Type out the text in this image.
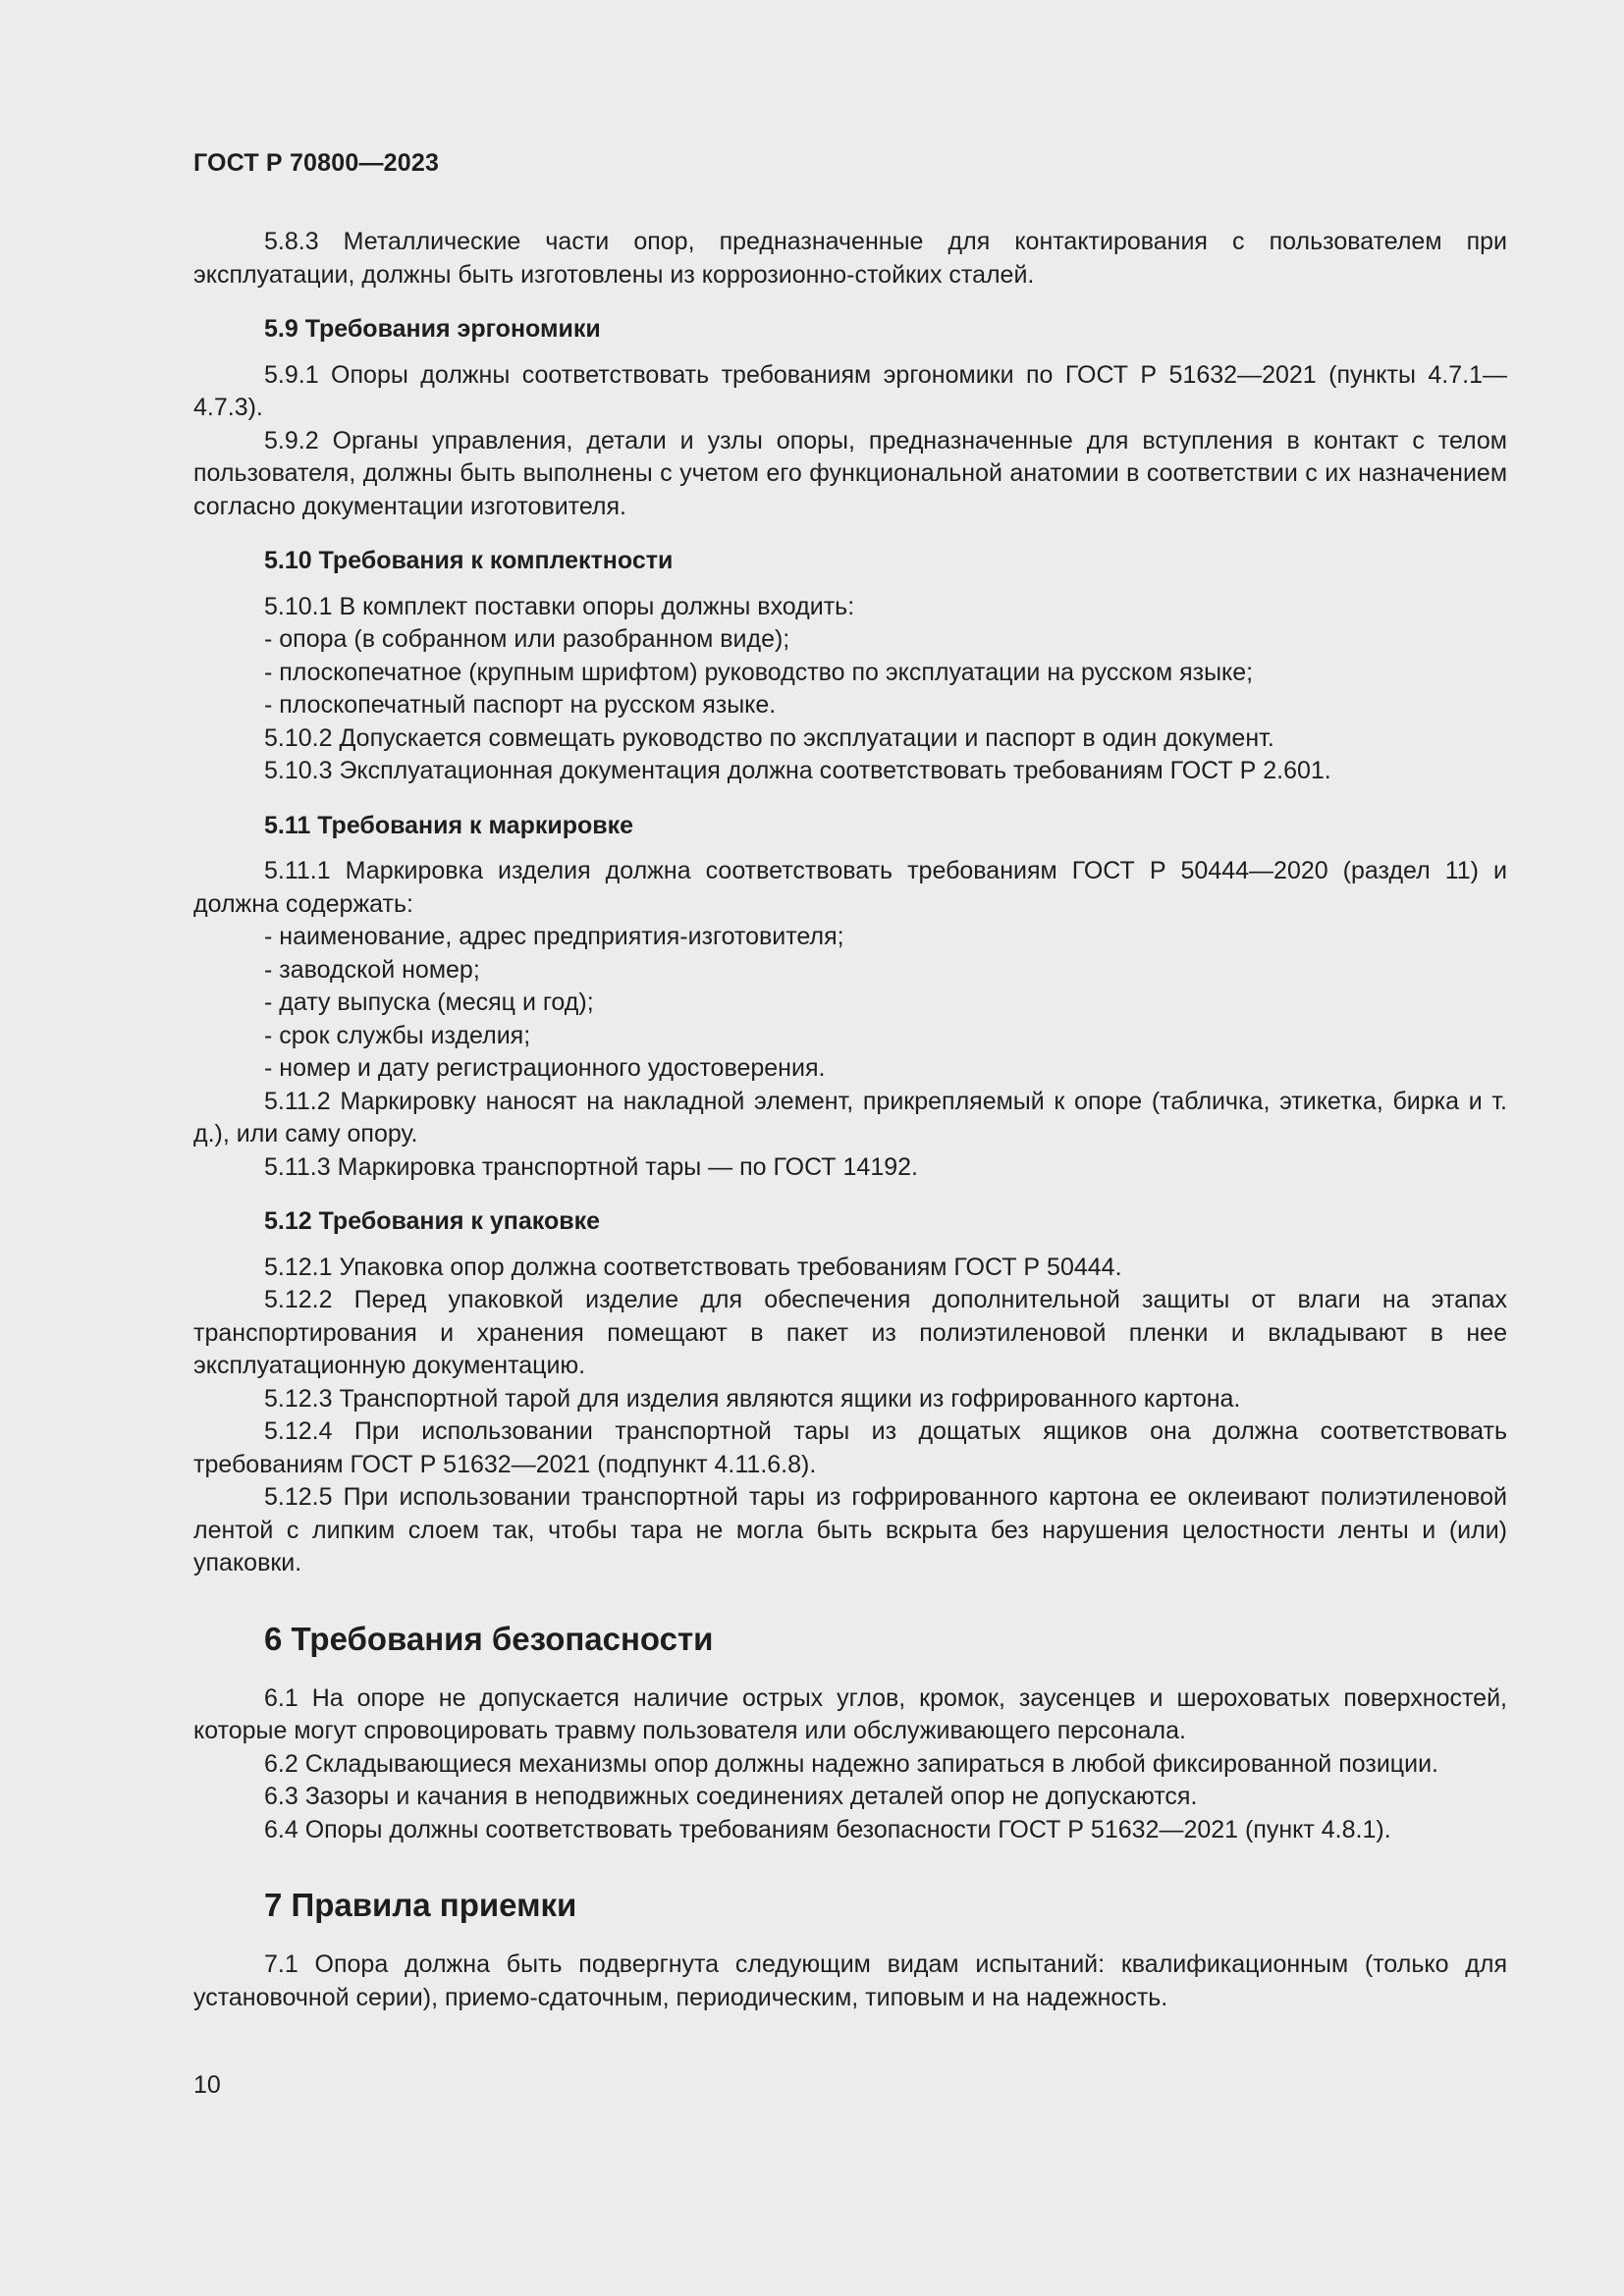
ГОСТ Р 70800—2023

5.8.3 Металлические части опор, предназначенные для контактирования с пользователем при эксплуатации, должны быть изготовлены из коррозионно-стойких сталей.

5.9 Требования эргономики

5.9.1 Опоры должны соответствовать требованиям эргономики по ГОСТ Р 51632—2021 (пункты 4.7.1—4.7.3).

5.9.2 Органы управления, детали и узлы опоры, предназначенные для вступления в контакт с телом пользователя, должны быть выполнены с учетом его функциональной анатомии в соответствии с их назначением согласно документации изготовителя.

5.10 Требования к комплектности

5.10.1 В комплект поставки опоры должны входить:

- опора (в собранном или разобранном виде);

- плоскопечатное (крупным шрифтом) руководство по эксплуатации на русском языке;

- плоскопечатный паспорт на русском языке.

5.10.2 Допускается совмещать руководство по эксплуатации и паспорт в один документ.

5.10.3 Эксплуатационная документация должна соответствовать требованиям ГОСТ Р 2.601.

5.11 Требования к маркировке

5.11.1 Маркировка изделия должна соответствовать требованиям ГОСТ Р 50444—2020 (раздел 11) и должна содержать:

- наименование, адрес предприятия-изготовителя;

- заводской номер;

- дату выпуска (месяц и год);

- срок службы изделия;

- номер и дату регистрационного удостоверения.

5.11.2 Маркировку наносят на накладной элемент, прикрепляемый к опоре (табличка, этикетка, бирка и т. д.), или саму опору.

5.11.3 Маркировка транспортной тары — по ГОСТ 14192.

5.12 Требования к упаковке

5.12.1 Упаковка опор должна соответствовать требованиям ГОСТ Р 50444.

5.12.2 Перед упаковкой изделие для обеспечения дополнительной защиты от влаги на этапах транспортирования и хранения помещают в пакет из полиэтиленовой пленки и вкладывают в нее эксплуатационную документацию.

5.12.3 Транспортной тарой для изделия являются ящики из гофрированного картона.

5.12.4 При использовании транспортной тары из дощатых ящиков она должна соответствовать требованиям ГОСТ Р 51632—2021 (подпункт 4.11.6.8).

5.12.5 При использовании транспортной тары из гофрированного картона ее оклеивают полиэтиленовой лентой с липким слоем так, чтобы тара не могла быть вскрыта без нарушения целостности ленты и (или) упаковки.

6 Требования безопасности

6.1 На опоре не допускается наличие острых углов, кромок, заусенцев и шероховатых поверхностей, которые могут спровоцировать травму пользователя или обслуживающего персонала.

6.2 Складывающиеся механизмы опор должны надежно запираться в любой фиксированной позиции.

6.3 Зазоры и качания в неподвижных соединениях деталей опор не допускаются.

6.4 Опоры должны соответствовать требованиям безопасности ГОСТ Р 51632—2021 (пункт 4.8.1).

7 Правила приемки

7.1 Опора должна быть подвергнута следующим видам испытаний: квалификационным (только для установочной серии), приемо-сдаточным, периодическим, типовым и на надежность.

10
